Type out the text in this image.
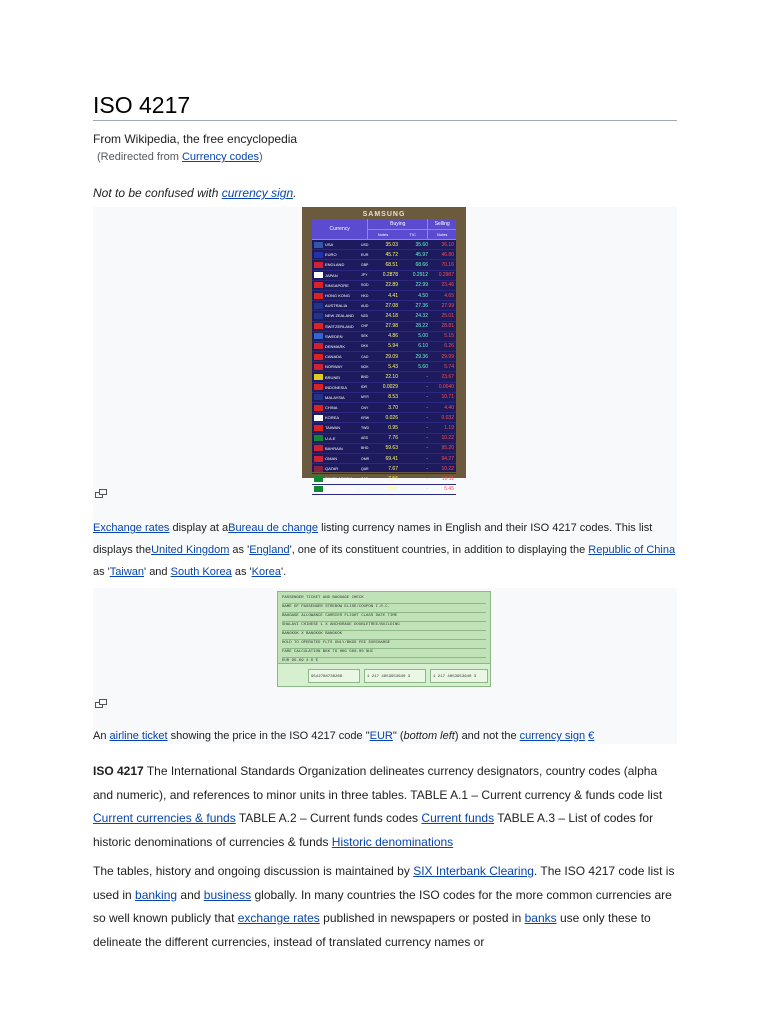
ISO 4217
From Wikipedia, the free encyclopedia
(Redirected from Currency codes)
Not to be confused with currency sign.
SAMSUNG
Currency
Buying
Notes	T/C
Selling
Notes
USA	USD	35.03	35.60	36.10
EURO	EUR	45.72	45.97	46.80
ENGLAND	GBP	68.51	68.66	70.16
JAPAN	JPY	0.2878	0.2912	0.2987
SINGAPORE	SGD	22.89	22.99	23.46
HONG KONG	HKD	4.41	4.50	4.65
AUSTRALIA	AUD	27.08	27.36	27.99
NEW ZEALAND	NZD	24.18	24.32	25.01
SWITZERLAND	CHF	27.98	28.22	28.81
SWEDEN	SEK	4.86	5.00	5.15
DENMARK	DKK	5.94	6.10	6.26
CANADA	CAD	29.09	29.36	29.99
NORWAY	NOK	5.43	5.60	5.74
BRUNEI	BND	22.10	-	23.67
INDONESIA	IDR	0.0029	-	0.0040
MALAYSIA	MYR	8.53	-	10.71
CHINA	CNY	3.70	-	4.40
KOREA	KRW	0.026	-	0.032
TAIWAN	TWD	0.95	-	1.19
U.A.E	AED	7.76	-	10.22
BAHRAIN	BHD	59.63	-	95.20
OMAN	OMR	69.41	-	94.27
QATAR	QAR	7.67	-	10.22
SAUDI ARABIA	SAR	7.56	-	10.11
SOUTH AFRICA	ZAR	3.65	-	5.45
Exchange rates display at aBureau de change listing currency names in English and their ISO 4217 codes. This list displays theUnited Kingdom as 'England', one of its constituent countries, in addition to displaying the Republic of China as 'Taiwan' and South Korea as 'Korea'.
PASSENGER TICKET AND BAGGAGE CHECK
NAME OF PASSENGER STREBOW ELISE/COUPON I.R.C.
BAGGAGE ALLOWANCE CARRIER FLIGHT CLASS DATE TIME
SHALAVI CHINESE 1 X ANCHORAGE DOUBLETREE/BUILDING
BANGKOK X BANGKOK BANGKOK
HOLD TO OPERATED FLTS ONLY/BKGS FEE SURCHARGE
FARE CALCULATION BKK TG HKG 500.00 NUC
EUR 95.69 4 0 E
9542788736268	1 217 4853953640 3	1 217 4853953640 3
An airline ticket showing the price in the ISO 4217 code "EUR" (bottom left) and not the currency sign €

ISO 4217 The International Standards Organization delineates currency designators, country codes (alpha and numeric), and references to minor units in three tables. TABLE A.1 – Current currency & funds code list Current currencies & funds TABLE A.2 – Current funds codes Current funds TABLE A.3 – List of codes for historic denominations of currencies & funds Historic denominations

The tables, history and ongoing discussion is maintained by SIX Interbank Clearing. The ISO 4217 code list is used in banking and business globally. In many countries the ISO codes for the more common currencies are so well known publicly that exchange rates published in newspapers or posted in banks use only these to delineate the different currencies, instead of translated currency names or
